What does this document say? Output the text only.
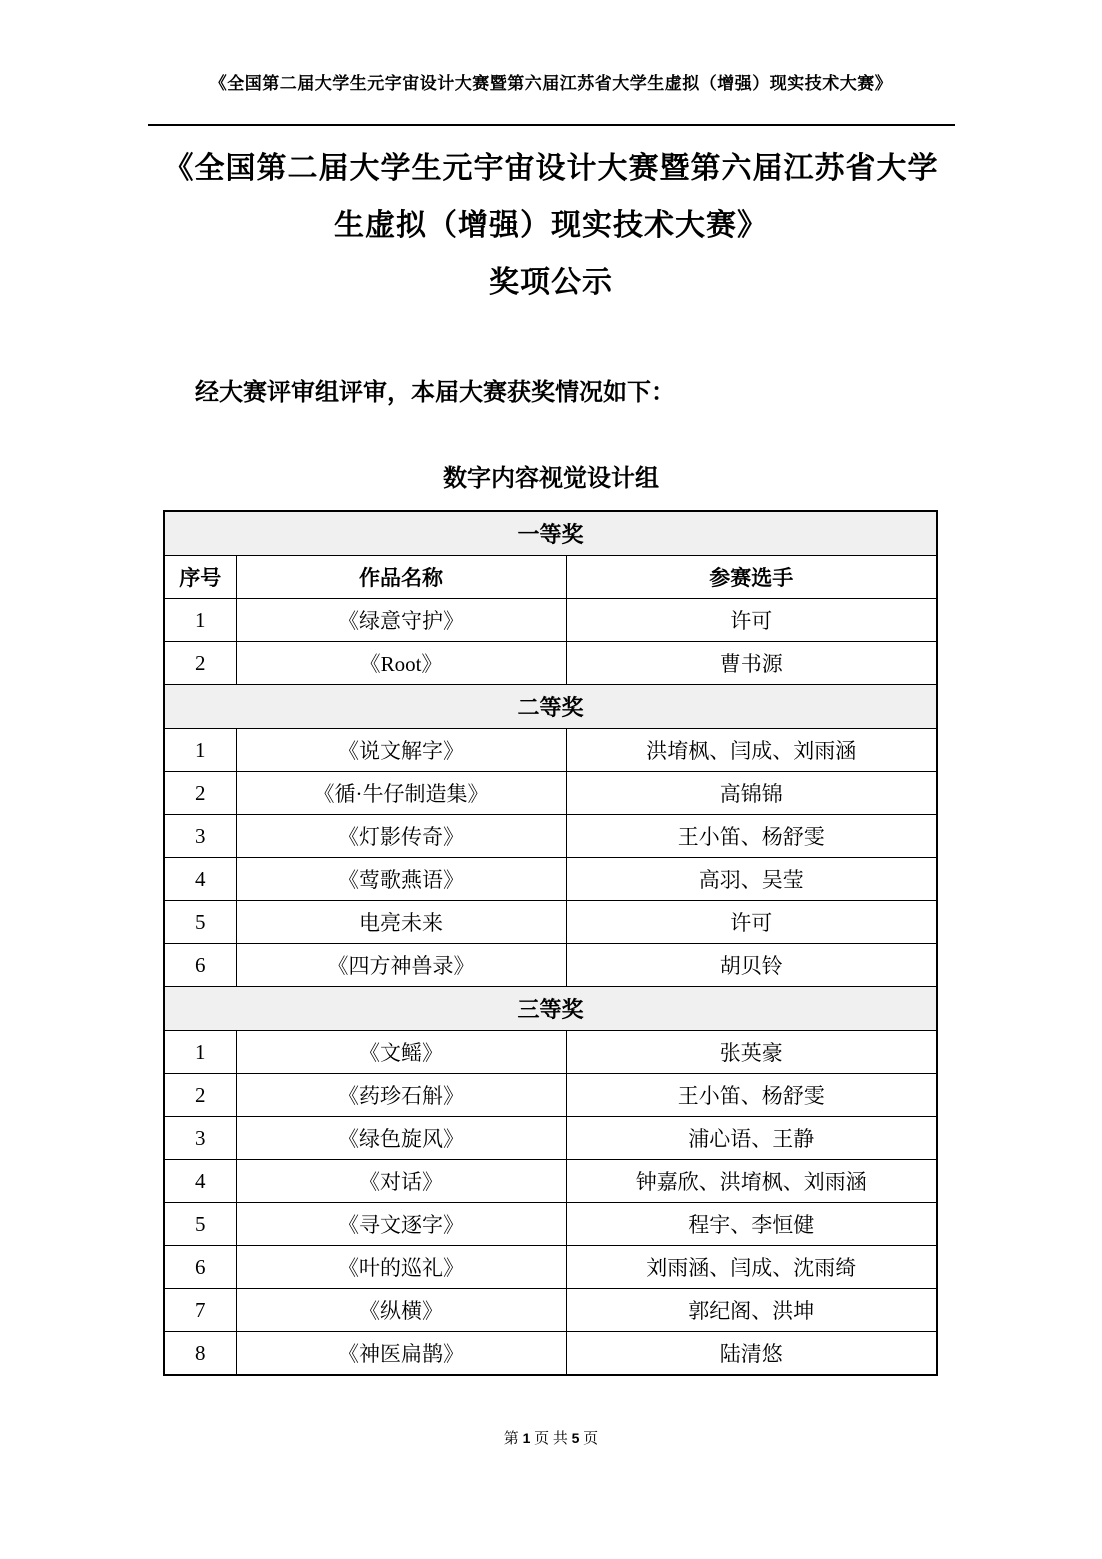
《全国第二届大学生元宇宙设计大赛暨第六届江苏省大学生虚拟（增强）现实技术大赛》
《全国第二届大学生元宇宙设计大赛暨第六届江苏省大学
生虚拟（增强）现实技术大赛》
奖项公示

经大赛评审组评审，本届大赛获奖情况如下：

数字内容视觉设计组
一等奖		
序号	作品名称	参赛选手
1	《绿意守护》	许可
2	《Root》	曹书源
二等奖		
1	《说文解字》	洪堉枫、闫成、刘雨涵
2	《循·牛仔制造集》	高锦锦
3	《灯影传奇》	王小笛、杨舒雯
4	《莺歌燕语》	高羽、吴莹
5	电亮未来	许可
6	《四方神兽录》	胡贝铃
三等奖		
1	《文鳐》	张英豪
2	《药珍石斛》	王小笛、杨舒雯
3	《绿色旋风》	浦心语、王静
4	《对话》	钟嘉欣、洪堉枫、刘雨涵
5	《寻文逐字》	程宇、李恒健
6	《叶的巡礼》	刘雨涵、闫成、沈雨绮
7	《纵横》	郭纪阁、洪坤
8	《神医扁鹊》	陆清悠
第 1 页 共 5 页
